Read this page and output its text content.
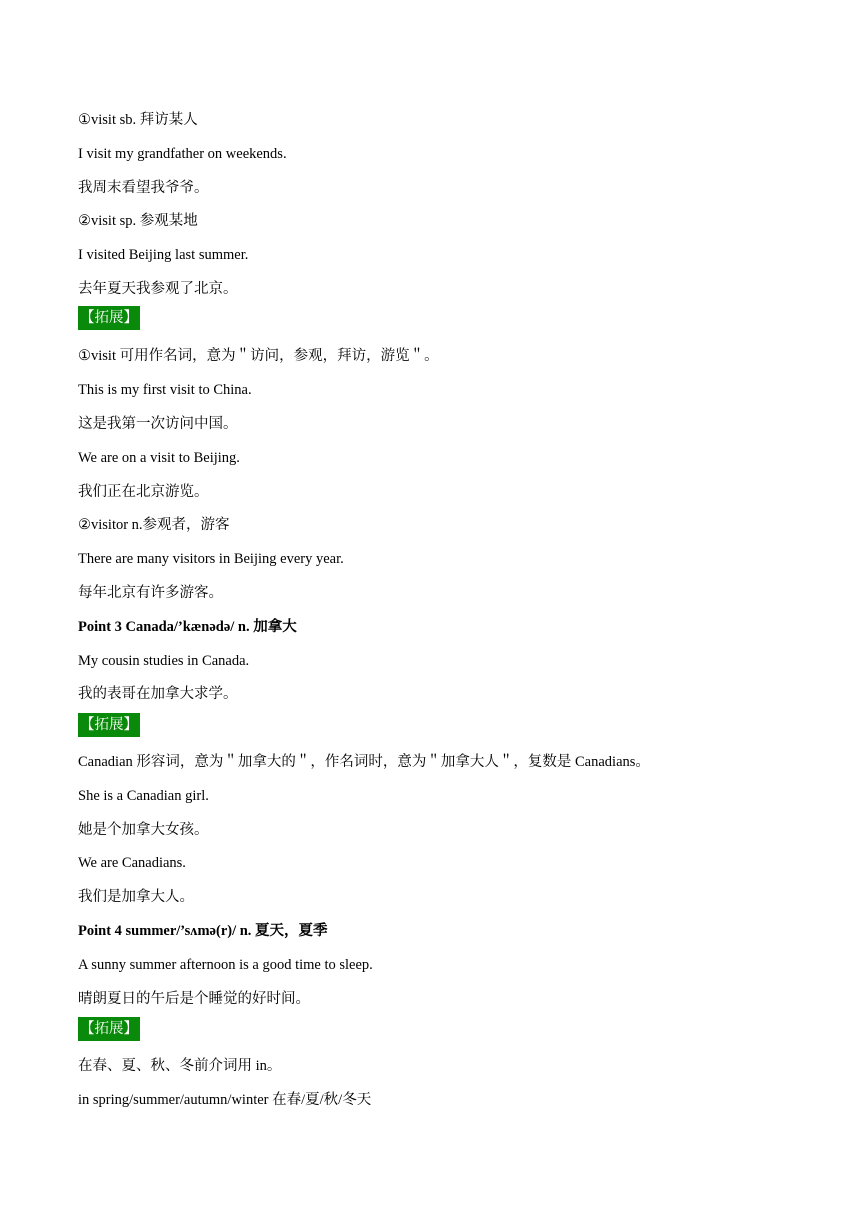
①visit sb. 拜访某人
I visit my grandfather on weekends.
我周末看望我爷爷。
②visit sp. 参观某地
I visited Beijing last summer.
去年夏天我参观了北京。
【拓展】
①visit 可用作名词，意为＂访问，参观，拜访，游览＂。
This is my first visit to China.
这是我第一次访问中国。
We are on a visit to Beijing.
我们正在北京游览。
②visitor n.参观者，游客
There are many visitors in Beijing every year.
每年北京有许多游客。
Point 3 Canada/’kænədə/ n. 加拿大
My cousin studies in Canada.
我的表哥在加拿大求学。
【拓展】
Canadian 形容词，意为＂加拿大的＂，作名词时，意为＂加拿大人＂，复数是 Canadians。
She is a Canadian girl.
她是个加拿大女孩。
We are Canadians.
我们是加拿大人。
Point 4 summer/’sʌmə(r)/ n. 夏天，夏季
A sunny summer afternoon is a good time to sleep.
晴朗夏日的午后是个睡觉的好时间。
【拓展】
在春、夏、秋、冬前介词用 in。
in spring/summer/autumn/winter 在春/夏/秋/冬天
